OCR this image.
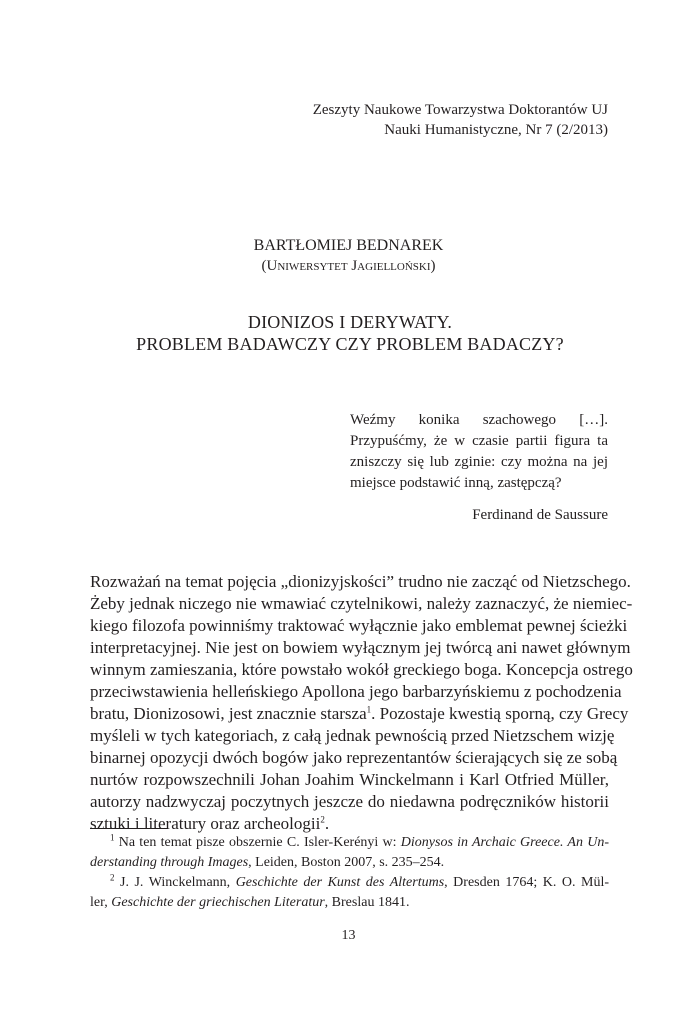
Zeszyty Naukowe Towarzystwa Doktorantów UJ
Nauki Humanistyczne, Nr 7 (2/2013)
BARTŁOMIEJ BEDNAREK
(Uniwersytet Jagielloński)
DIONIZOS I DERYWATY.
PROBLEM BADAWCZY CZY PROBLEM BADACZY?
Weźmy konika szachowego […]. Przypuśćmy, że w czasie partii figura ta zniszczy się lub zginie: czy można na jej miejsce podstawić inną, zastępczą?
Ferdinand de Saussure
Rozważań na temat pojęcia „dionizyjskości” trudno nie zacząć od Nietzschego.
Żeby jednak niczego nie wmawiać czytelnikowi, należy zaznaczyć, że niemiec-
kiego filozofa powinniśmy traktować wyłącznie jako emblemat pewnej ścieżki
interpretacyjnej. Nie jest on bowiem wyłącznym jej twórcą ani nawet głównym
winnym zamieszania, które powstało wokół greckiego boga. Koncepcja ostrego
przeciwstawienia helleńskiego Apollona jego barbarzyńskiemu z pochodzenia
bratu, Dionizosowi, jest znacznie starsza$^1$. Pozostaje kwestią sporną, czy Grecy
myśleli w tych kategoriach, z całą jednak pewnością przed Nietzschem wizję
binarnej opozycji dwóch bogów jako reprezentantów ścierających się ze sobą
nurtów rozpowszechnili Johan Joahim Winckelmann i Karl Otfried Müller,
autorzy nadzwyczaj poczytnych jeszcze do niedawna podręczników historii
sztuki i literatury oraz archeologii$^2$.
$^1$ Na ten temat pisze obszernie C. Isler-Kerényi w: Dionysos in Archaic Greece. An Un-
derstanding through Images, Leiden, Boston 2007, s. 235–254.
$^2$ J. J. Winckelmann, Geschichte der Kunst des Altertums, Dresden 1764; K. O. Mül-
ler, Geschichte der griechischen Literatur, Breslau 1841.
13
